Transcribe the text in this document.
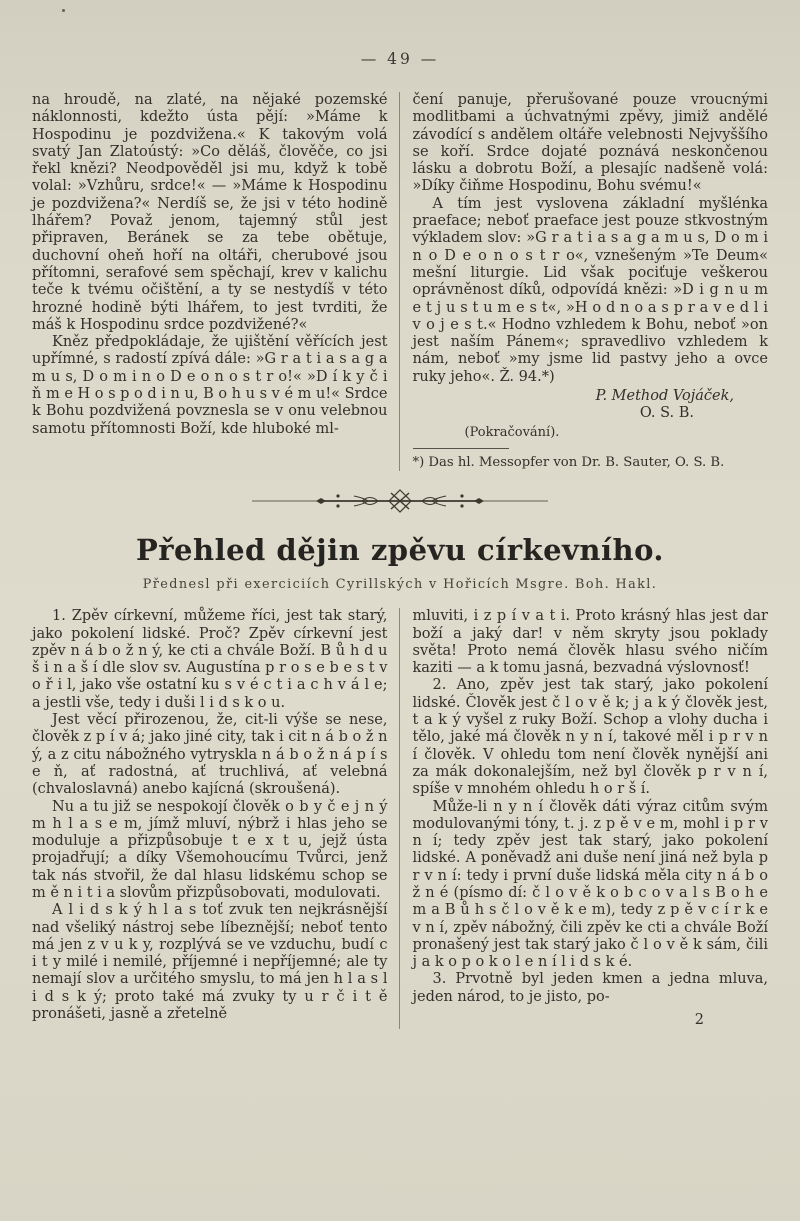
— 49 —

na hroudě, na zlaté, na nějaké pozemské náklonnosti, kdežto ústa pějí: »Máme k Hospodinu je pozdvižena.« K takovým volá svatý Jan Zlatoústý: »Co děláš, člověče, co jsi řekl knězi? Neodpověděl jsi mu, když k tobě volal: »Vzhůru, srdce!« — »Máme k Hospodinu je pozdvižena?« Nerdíš se, že jsi v této hodině lhářem? Považ jenom, tajemný stůl jest připraven, Beránek se za tebe obětuje, duchovní oheň hoří na oltáři, cherubové jsou přítomni, serafové sem spěchají, krev v kalichu teče k tvému očištění, a ty se nestydíš v této hrozné hodině býti lhářem, to jest tvrditi, že máš k Hospodinu srdce pozdvižené?«

Kněz předpokládaje, že ujištění věřících jest upřímné, s radostí zpívá dále: »G r a t i a s a g a m u s, D o m i n o D e o n o s t r o!« »D í k y č i ň m e H o s p o d i n u, B o h u s v é m u!« Srdce k Bohu pozdvižená povznesla se v onu velebnou samotu přítomnosti Boží, kde hluboké ml-

čení panuje, přerušované pouze vroucnými modlitbami a úchvatnými zpěvy, jimiž andělé závodící s andělem oltáře velebnosti Nejvyššího se koří. Srdce dojaté poznává neskončenou lásku a dobrotu Boží, a plesajíc nadšeně volá: »Díky čiňme Hospodinu, Bohu svému!«

A tím jest vyslovena základní myšlénka praeface; neboť praeface jest pouze stkvostným výkladem slov: »G r a t i a s a g a m u s, D o m i n o D e o n o s t r o«, vznešeným »Te Deum« mešní liturgie. Lid však pociťuje veškerou oprávněnost díků, odpovídá knězi: »D i g n u m e t j u s t u m e s t«, »H o d n o a s p r a v e d l i v o j e s t.« Hodno vzhledem k Bohu, neboť »on jest naším Pánem«; spravedlivo vzhledem k nám, neboť »my jsme lid pastvy jeho a ovce ruky jeho«. Ž. 94.*)

P. Method Vojáček,
O. S. B.
(Pokračování).
*) Das hl. Messopfer von Dr. B. Sauter, O. S. B.
Přehled dějin zpěvu církevního.
Přednesl při exerciciích Cyrillských v Hořicích Msgre. Boh. Hakl.

1. Zpěv církevní, můžeme říci, jest tak starý, jako pokolení lidské. Proč? Zpěv církevní jest zpěv n á b o ž n ý, ke cti a chvále Boží. B ů h d u š i n a š í dle slov sv. Augustína p r o s e b e s t v o ř i l, jako vše ostatní ku s v é c t i a c h v á l e; a jestli vše, tedy i duši l i d s k o u.

Jest věcí přirozenou, že, cit-li výše se nese, člověk z p í v á; jako jiné city, tak i cit n á b o ž n ý, a z citu nábožného vytryskla n á b o ž n á p í s e ň, ať radostná, ať truchlivá, ať velebná (chvaloslavná) anebo kajícná (skroušená).

Nu a tu již se nespokojí člověk o b y č e j n ý m h l a s e m, jímž mluví, nýbrž i hlas jeho se moduluje a přizpůsobuje t e x t u, jejž ústa projadřují; a díky Všemohoucímu Tvůrci, jenž tak nás stvořil, že dal hlasu lidskému schop se m ě n i t i a slovům přizpůsobovati, modulovati.

A l i d s k ý h l a s toť zvuk ten nejkrásnější nad všeliký nástroj sebe líbeznější; neboť tento má jen z v u k y, rozplývá se ve vzduchu, budí c i t y milé i nemilé, příjemné i nepříjemné; ale ty nemají slov a určitého smyslu, to má jen h l a s l i d s k ý; proto také má zvuky ty u r č i t ě pronášeti, jasně a zřetelně

mluviti, i z p í v a t i. Proto krásný hlas jest dar boží a jaký dar! v něm skryty jsou poklady světa! Proto nemá člověk hlasu svého ničím kaziti — a k tomu jasná, bezvadná výslovnosť!

2. Ano, zpěv jest tak starý, jako pokolení lidské. Člověk jest č l o v ě k; j a k ý člověk jest, t a k ý vyšel z ruky Boží. Schop a vlohy ducha i tělo, jaké má člověk n y n í, takové měl i p r v n í člověk. V ohledu tom není člověk nynější ani za mák dokonalejším, než byl člověk p r v n í, spíše v mnohém ohledu h o r š í.

Může-li n y n í člověk dáti výraz citům svým modulovanými tóny, t. j. z p ě v e m, mohl i p r v n í; tedy zpěv jest tak starý, jako pokolení lidské. A poněvadž ani duše není jiná než byla p r v n í: tedy i první duše lidská měla city n á b o ž n é (písmo dí: č l o v ě k o b c o v a l s B o h e m a B ů h s č l o v ě k e m), tedy z p ě v c í r k e v n í, zpěv nábožný, čili zpěv ke cti a chvále Boží pronašený jest tak starý jako č l o v ě k sám, čili j a k o p o k o l e n í l i d s k é.

3. Prvotně byl jeden kmen a jedna mluva, jeden národ, to je jisto, po-

2
